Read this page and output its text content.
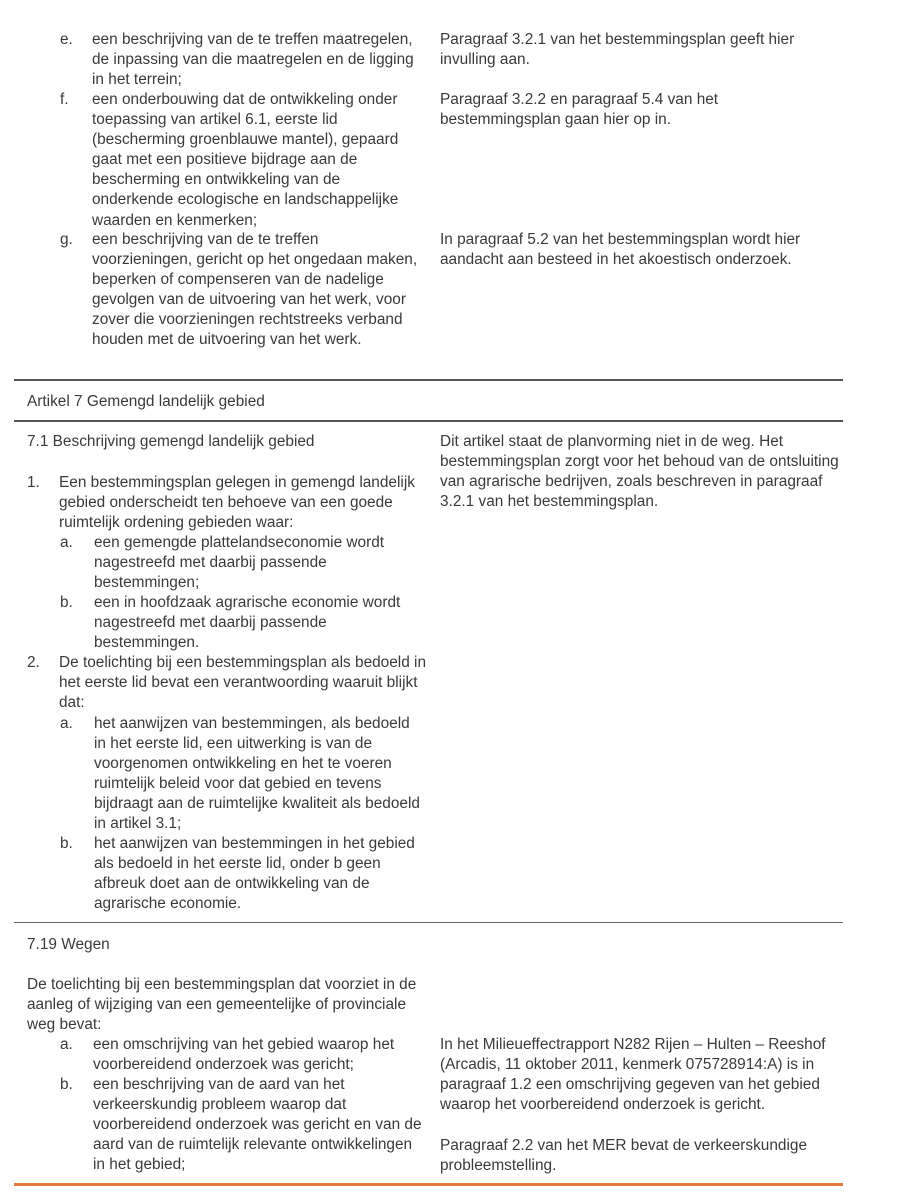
e. een beschrijving van de te treffen maatregelen, de inpassing van die maatregelen en de ligging in het terrein;
Paragraaf 3.2.1 van het bestemmingsplan geeft hier invulling aan.
f. een onderbouwing dat de ontwikkeling onder toepassing van artikel 6.1, eerste lid (bescherming groenblauwe mantel), gepaard gaat met een positieve bijdrage aan de bescherming en ontwikkeling van de onderkende ecologische en landschappelijke waarden en kenmerken;
Paragraaf 3.2.2 en paragraaf 5.4 van het bestemmingsplan gaan hier op in.
g. een beschrijving van de te treffen voorzieningen, gericht op het ongedaan maken, beperken of compenseren van de nadelige gevolgen van de uitvoering van het werk, voor zover die voorzieningen rechtstreeks verband houden met de uitvoering van het werk.
In paragraaf 5.2 van het bestemmingsplan wordt hier aandacht aan besteed in het akoestisch onderzoek.
Artikel 7 Gemengd landelijk gebied
7.1 Beschrijving gemengd landelijk gebied	Dit artikel staat de planvorming niet in de weg. Het bestemmingsplan zorgt voor het behoud van de ontsluiting van agrarische bedrijven, zoals beschreven in paragraaf 3.2.1 van het bestemmingsplan.
1. Een bestemmingsplan gelegen in gemengd landelijk gebied onderscheidt ten behoeve van een goede ruimtelijk ordening gebieden waar:
a. een gemengde plattelandseconomie wordt nagestreefd met daarbij passende bestemmingen;
b. een in hoofdzaak agrarische economie wordt nagestreefd met daarbij passende bestemmingen.
2. De toelichting bij een bestemmingsplan als bedoeld in het eerste lid bevat een verantwoording waaruit blijkt dat:
a. het aanwijzen van bestemmingen, als bedoeld in het eerste lid, een uitwerking is van de voorgenomen ontwikkeling en het te voeren ruimtelijk beleid voor dat gebied en tevens bijdraagt aan de ruimtelijke kwaliteit als bedoeld in artikel 3.1;
b. het aanwijzen van bestemmingen in het gebied als bedoeld in het eerste lid, onder b geen afbreuk doet aan de ontwikkeling van de agrarische economie.
7.19 Wegen
De toelichting bij een bestemmingsplan dat voorziet in de aanleg of wijziging van een gemeentelijke of provinciale weg bevat:
a. een omschrijving van het gebied waarop het voorbereidend onderzoek was gericht;
b. een beschrijving van de aard van het verkeerskundig probleem waarop dat voorbereidend onderzoek was gericht en van de aard van de ruimtelijk relevante ontwikkelingen in het gebied;
In het Milieueffectrapport N282 Rijen – Hulten – Reeshof (Arcadis, 11 oktober 2011, kenmerk 075728914:A) is in paragraaf 1.2 een omschrijving gegeven van het gebied waarop het voorbereidend onderzoek is gericht.
Paragraaf 2.2 van het MER bevat de verkeerskundige probleemstelling.
